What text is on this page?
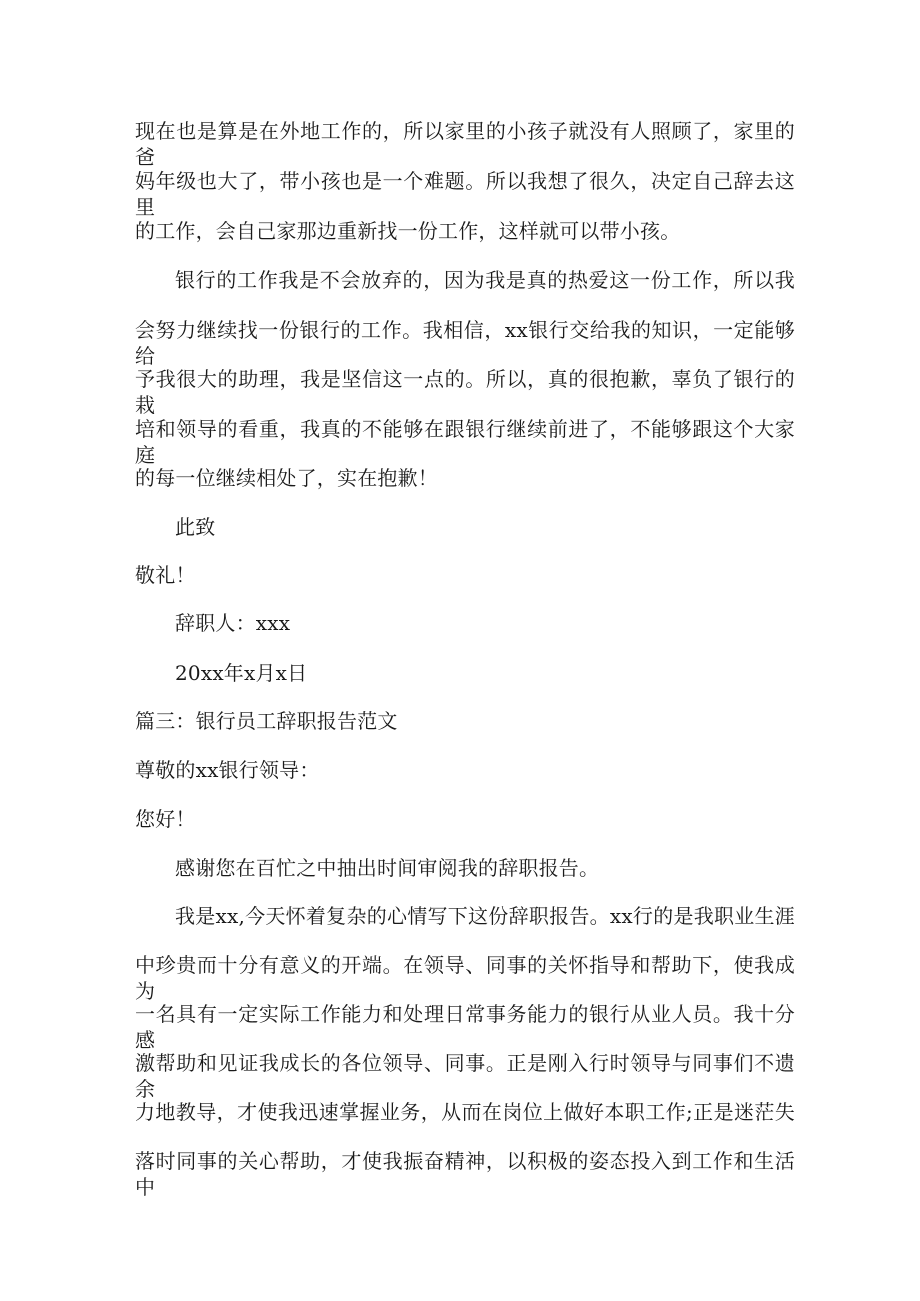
现在也是算是在外地工作的，所以家里的小孩子就没有人照顾了，家里的爸
妈年级也大了，带小孩也是一个难题。所以我想了很久，决定自己辞去这里
的工作，会自己家那边重新找一份工作，这样就可以带小孩。
银行的工作我是不会放弃的，因为我是真的热爱这一份工作，所以我
会努力继续找一份银行的工作。我相信，xx银行交给我的知识，一定能够给
予我很大的助理，我是坚信这一点的。所以，真的很抱歉，辜负了银行的栽
培和领导的看重，我真的不能够在跟银行继续前进了，不能够跟这个大家庭
的每一位继续相处了，实在抱歉！
此致
敬礼！
辞职人：xxx
20xx年x月x日
篇三：银行员工辞职报告范文
尊敬的xx银行领导：
您好！
感谢您在百忙之中抽出时间审阅我的辞职报告。
我是xx,今天怀着复杂的心情写下这份辞职报告。xx行的是我职业生涯
中珍贵而十分有意义的开端。在领导、同事的关怀指导和帮助下，使我成为
一名具有一定实际工作能力和处理日常事务能力的银行从业人员。我十分感
激帮助和见证我成长的各位领导、同事。正是刚入行时领导与同事们不遗余
力地教导，才使我迅速掌握业务，从而在岗位上做好本职工作;正是迷茫失
落时同事的关心帮助，才使我振奋精神，以积极的姿态投入到工作和生活中
